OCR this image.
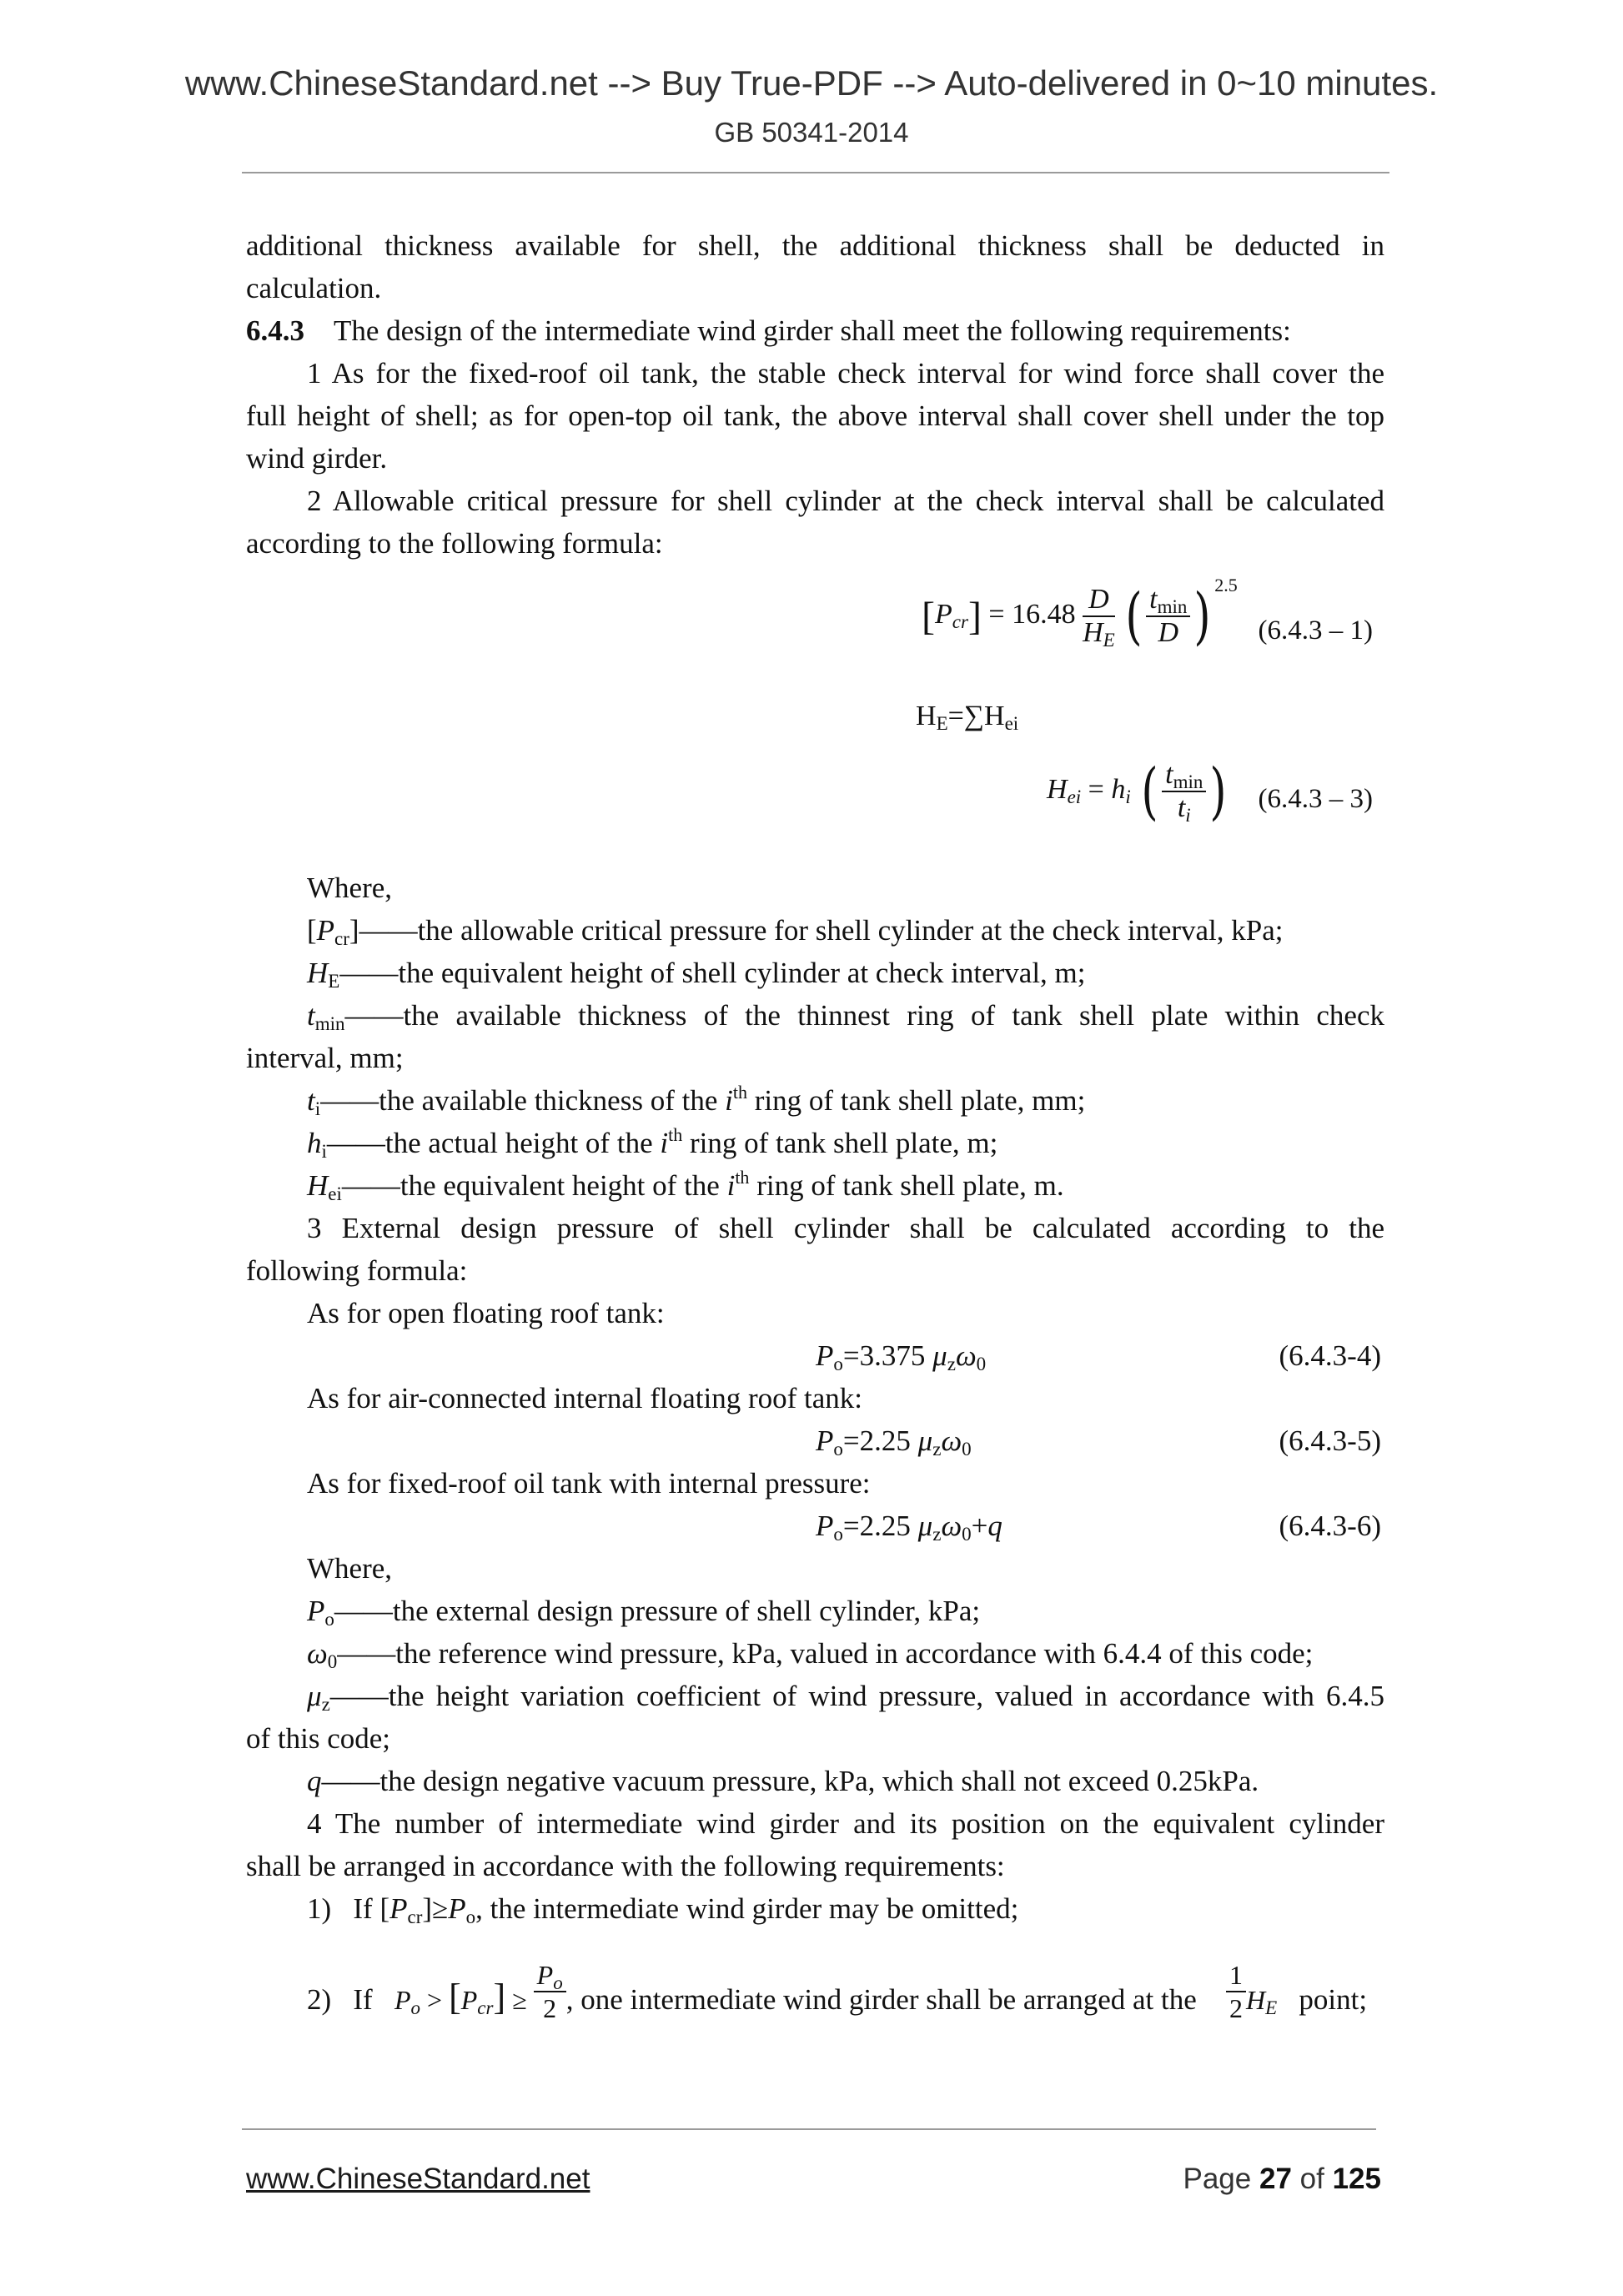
www.ChineseStandard.net --> Buy True-PDF --> Auto-delivered in 0~10 minutes.
GB 50341-2014
additional thickness available for shell, the additional thickness shall be deducted in
calculation.
6.4.3 The design of the intermediate wind girder shall meet the following requirements:
1 As for the fixed-roof oil tank, the stable check interval for wind force shall cover the
full height of shell; as for open-top oil tank, the above interval shall cover shell under the top
wind girder.
2 Allowable critical pressure for shell cylinder at the check interval shall be calculated
according to the following formula:
$[P_{cr}] = 16.48 \frac{D}{H_E}$ ( $\frac{t_{min}}{D}$ ) $^{2.5}$
(6.4.3 – 1)
$H_E=\sum H_{ei}$
$H_{ei} = h_i$ ( $\frac{t_{min}}{t_i}$ ) (6.4.3 – 3)
Where,
$[P_{cr}]——the$ allowable critical pressure for shell cylinder at the check interval, kPa;
$H_E——the$ equivalent height of shell cylinder at check interval, m;
$t_{min}——the$ available thickness of the thinnest ring of tank shell plate within check
interval, mm;
$t_i——the$ available thickness of the $i^{th}$ ring of tank shell plate, mm;
$h_i——the$ actual height of the $i^{th}$ ring of tank shell plate, m;
$H_{ei}——the$ equivalent height of the $i^{th}$ ring of tank shell plate, m.
3 External design pressure of shell cylinder shall be calculated according to the
following formula:
As for open floating roof tank:
$P_o=3.375$ $\mu_z\omega_0$	(6.4.3-4)
As for air-connected internal floating roof tank:
$P_o=2.25$ $\mu_z\omega_0$	(6.4.3-5)
As for fixed-roof oil tank with internal pressure:
$P_o=2.25$ $\mu_z\omega_0+q$	(6.4.3-6)
Where,
$P_o——the$ external design pressure of shell cylinder, kPa;
$\omega_0——the$ reference wind pressure, kPa, valued in accordance with 6.4.4 of this code;
$\mu_z——the$ height variation coefficient of wind pressure, valued in accordance with 6.4.5
of this code;
q——the design negative vacuum pressure, kPa, which shall not exceed 0.25kPa.
4 The number of intermediate wind girder and its position on the equivalent cylinder
shall be arranged in accordance with the following requirements:
1) If $[P_{cr}]\ge P_o$, the intermediate wind girder may be omitted;
2) If $P_o > [P_{cr}] \ge \frac{P_o}{2}$ , one intermediate wind girder shall be arranged at the $\frac{1}{2} H_E$ point;
www.ChineseStandard.net	Page 27 of 125
